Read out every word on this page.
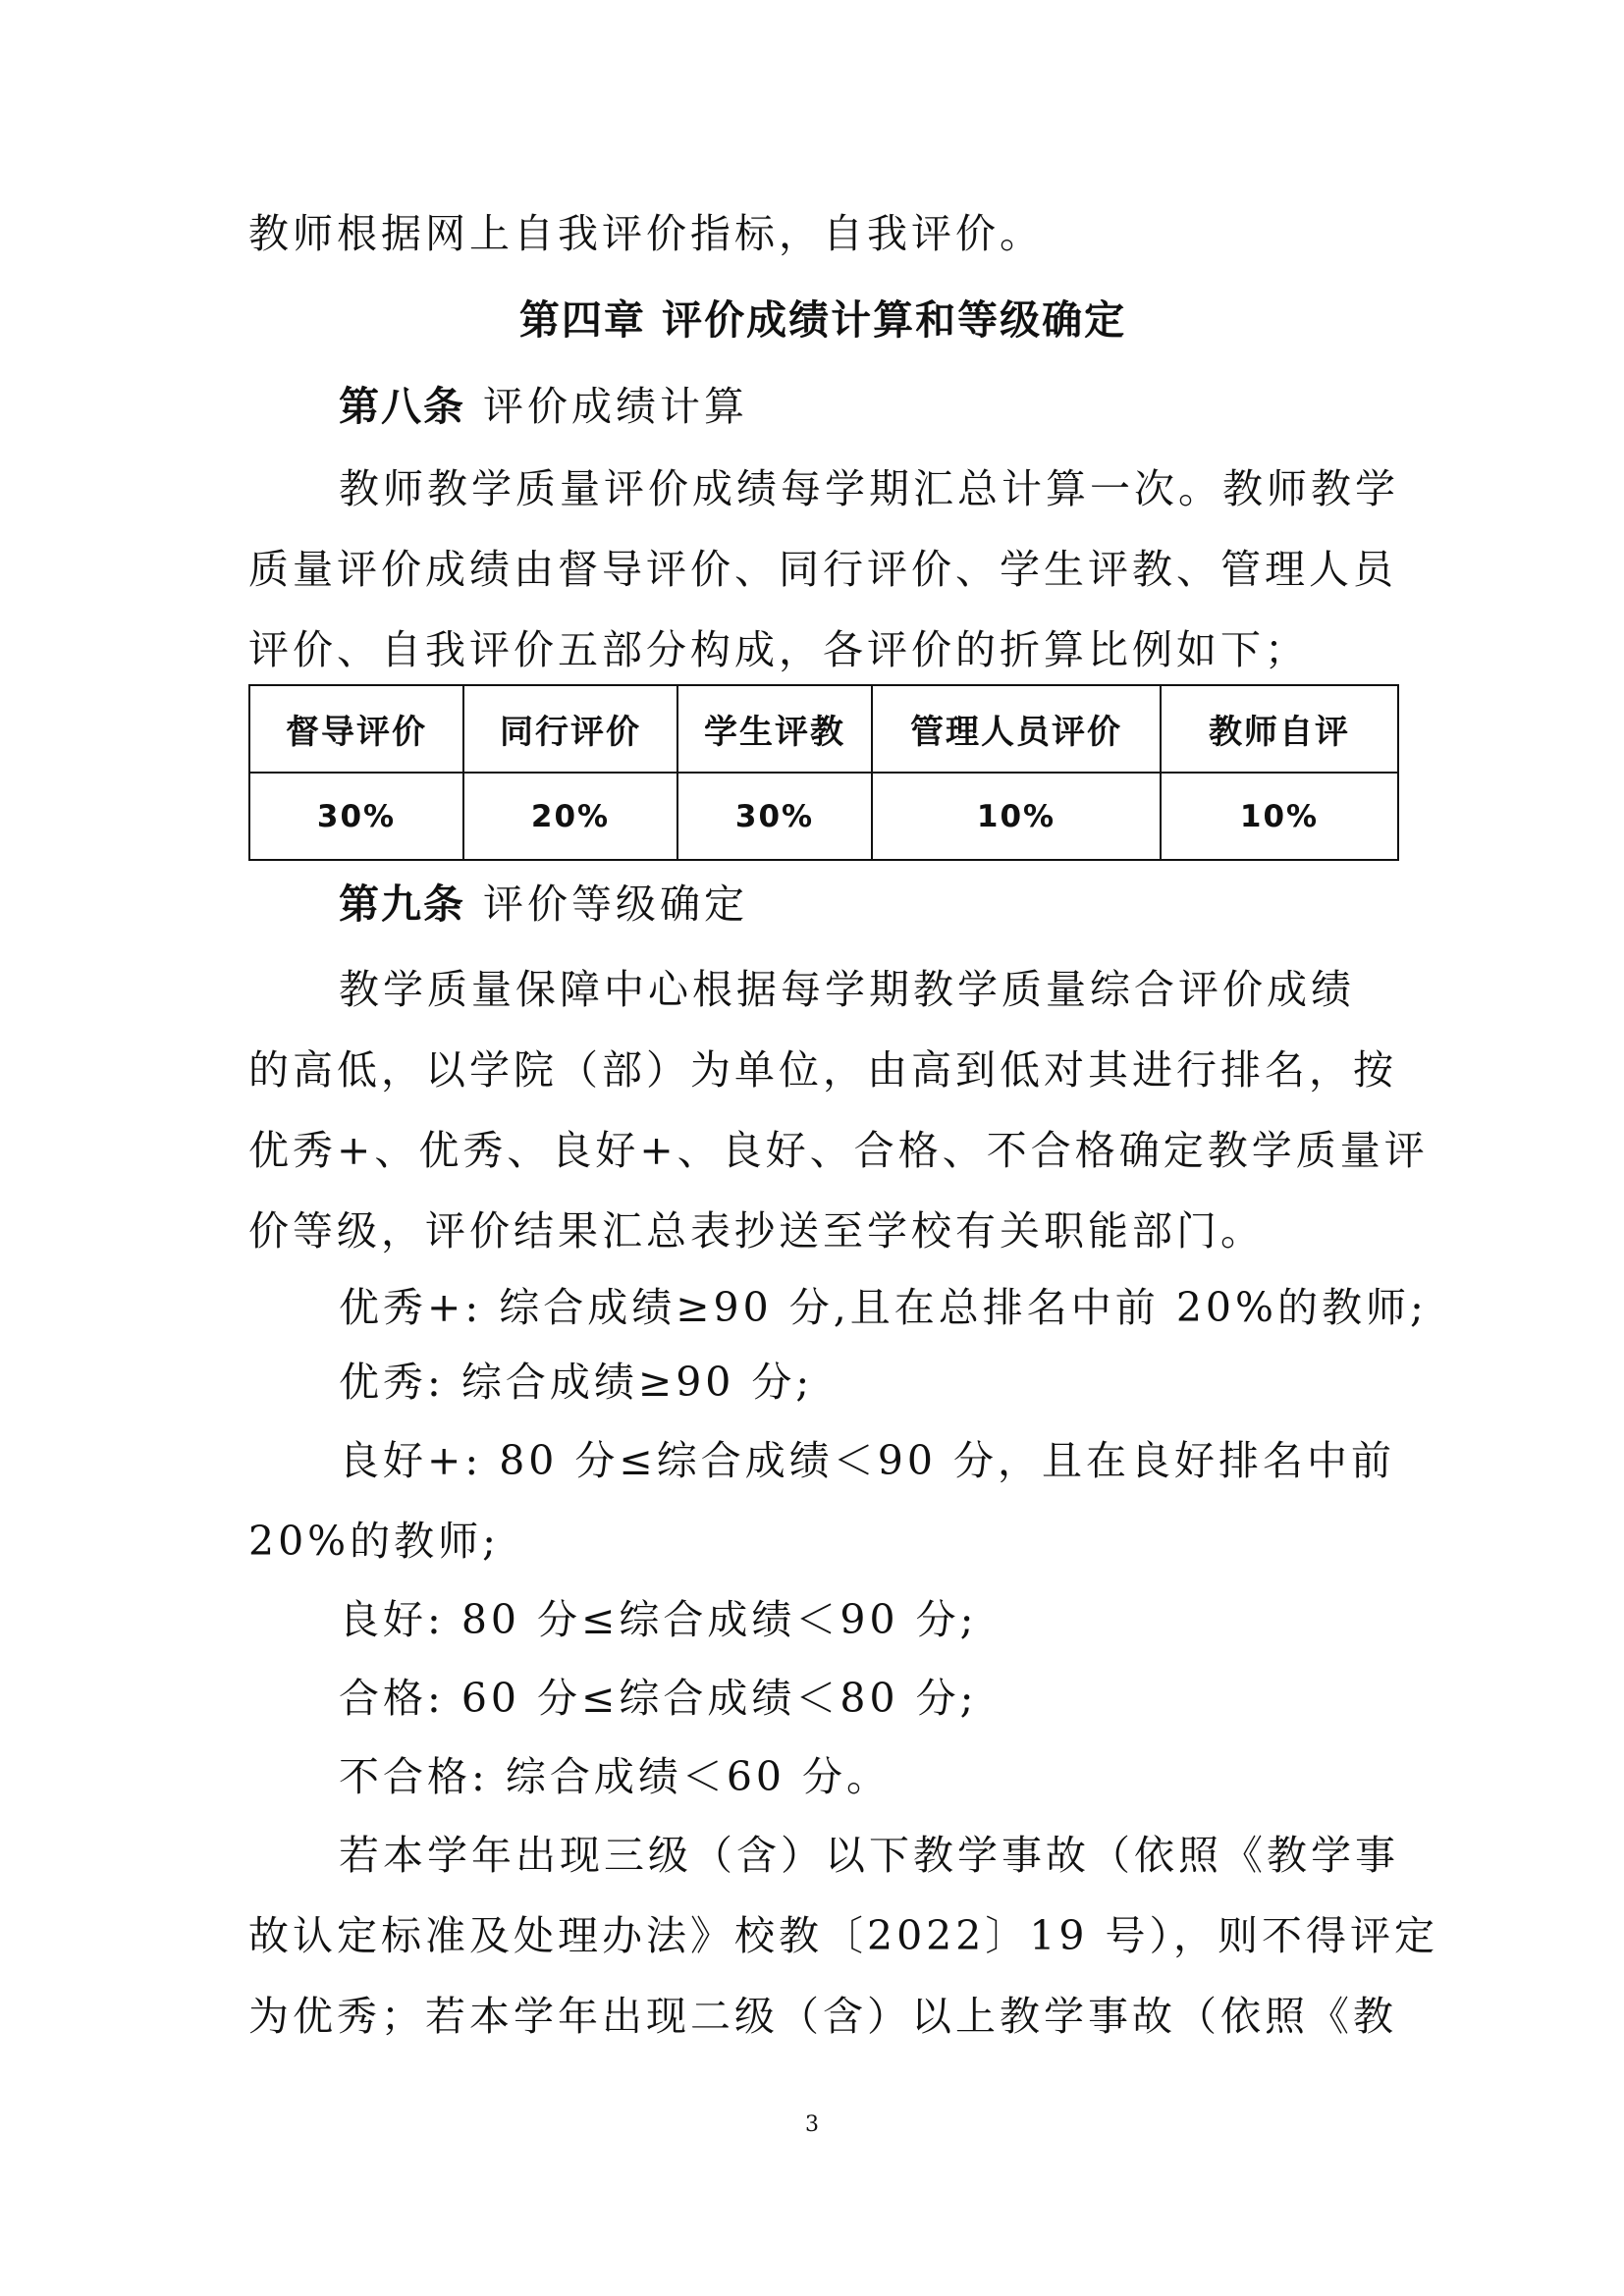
教师根据网上自我评价指标，自我评价。
第四章 评价成绩计算和等级确定
第八条 评价成绩计算
教师教学质量评价成绩每学期汇总计算一次。教师教学
质量评价成绩由督导评价、同行评价、学生评教、管理人员
评价、自我评价五部分构成，各评价的折算比例如下；
督导评价	同行评价	学生评教	管理人员评价	教师自评
30%	20%	30%	10%	10%
第九条 评价等级确定
教学质量保障中心根据每学期教学质量综合评价成绩
的高低，以学院（部）为单位，由高到低对其进行排名，按
优秀+、优秀、良好+、良好、合格、不合格确定教学质量评
价等级，评价结果汇总表抄送至学校有关职能部门。
优秀+: 综合成绩≥90 分,且在总排名中前 20%的教师;
优秀: 综合成绩≥90 分;
良好+: 80 分≤综合成绩＜90 分，且在良好排名中前
20%的教师;
良好: 80 分≤综合成绩＜90 分;
合格: 60 分≤综合成绩＜80 分;
不合格: 综合成绩＜60 分。
若本学年出现三级（含）以下教学事故（依照《教学事
故认定标准及处理办法》校教〔2022〕19 号），则不得评定
为优秀；若本学年出现二级（含）以上教学事故（依照《教
3
